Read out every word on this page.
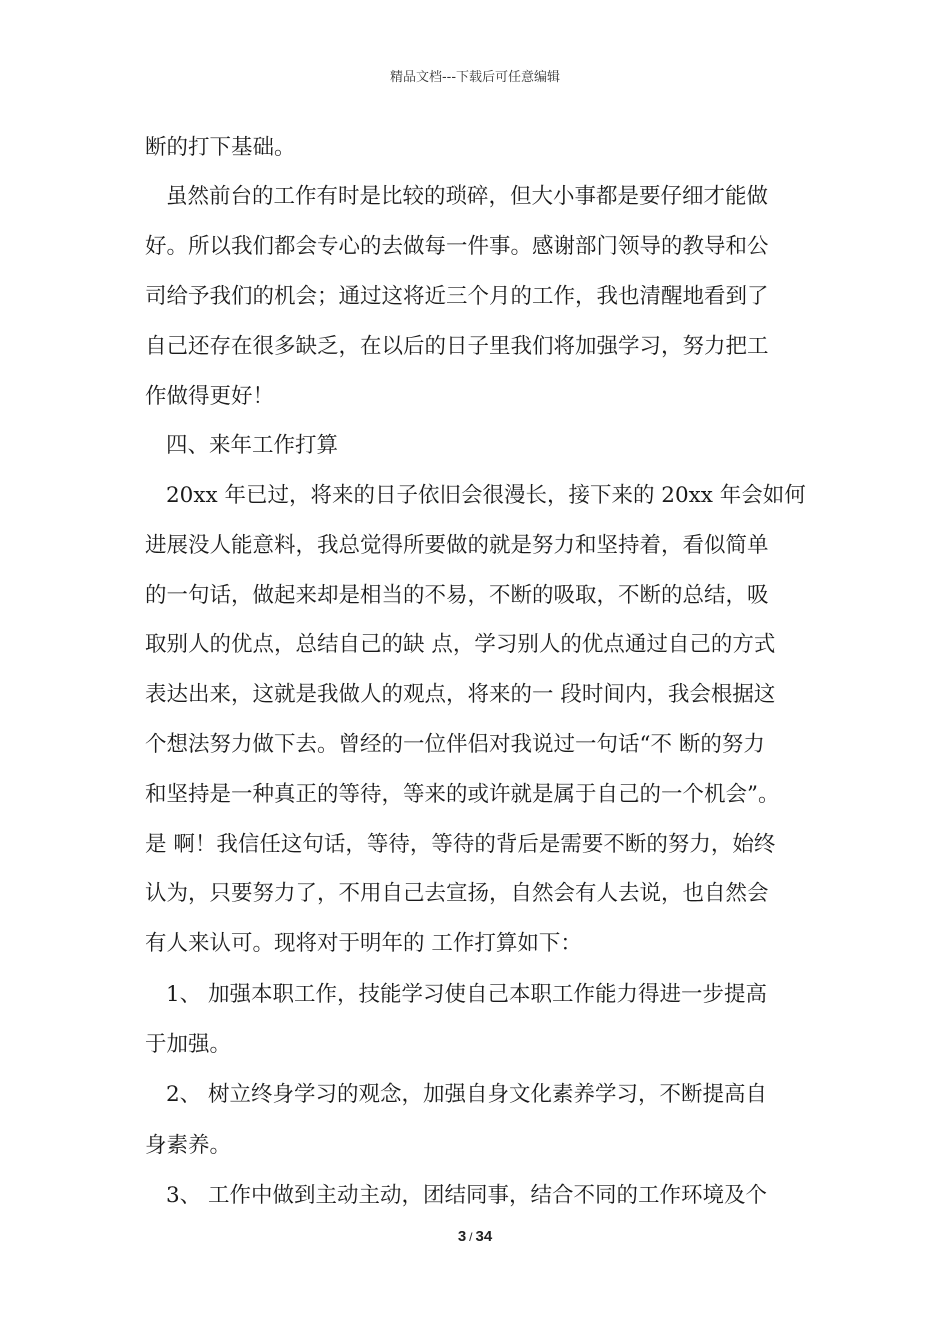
精品文档---下载后可任意编辑
断的打下基础。
虽然前台的工作有时是比较的琐碎，但大小事都是要仔细才能做
好。所以我们都会专心的去做每一件事。感谢部门领导的教导和公
司给予我们的机会；通过这将近三个月的工作，我也清醒地看到了
自己还存在很多缺乏，在以后的日子里我们将加强学习，努力把工
作做得更好！
四、来年工作打算
20xx 年已过，将来的日子依旧会很漫长，接下来的 20xx 年会如何
进展没人能意料，我总觉得所要做的就是努力和坚持着，看似简单
的一句话，做起来却是相当的不易，不断的吸取，不断的总结，吸
取别人的优点，总结自己的缺 点，学习别人的优点通过自己的方式
表达出来，这就是我做人的观点，将来的一 段时间内，我会根据这
个想法努力做下去。曾经的一位伴侣对我说过一句话“不 断的努力
和坚持是一种真正的等待，等来的或许就是属于自己的一个机会”。
是 啊！我信任这句话，等待，等待的背后是需要不断的努力，始终
认为，只要努力了，不用自己去宣扬，自然会有人去说，也自然会
有人来认可。现将对于明年的 工作打算如下：
1、 加强本职工作，技能学习使自己本职工作能力得进一步提高
于加强。
2、 树立终身学习的观念，加强自身文化素养学习，不断提高自
身素养。
3、 工作中做到主动主动，团结同事，结合不同的工作环境及个
3 / 34
